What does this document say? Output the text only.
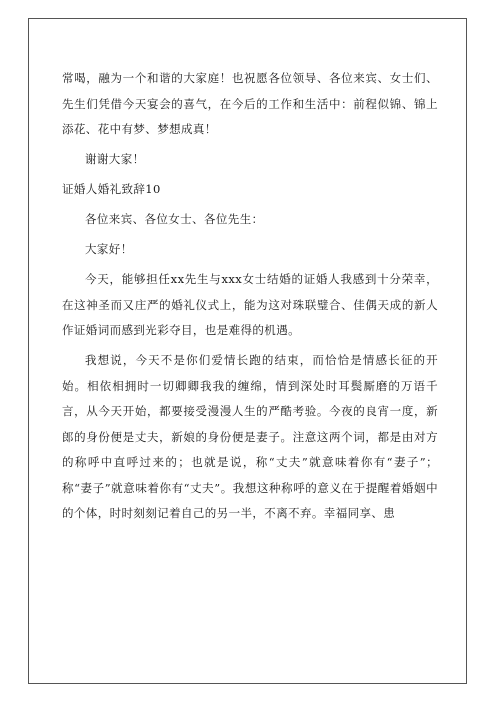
常喝，融为一个和谐的大家庭！也祝愿各位领导、各位来宾、女士们、先生们凭借今天宴会的喜气，在今后的工作和生活中：前程似锦、锦上添花、花中有梦、梦想成真！

谢谢大家！

证婚人婚礼致辞10

各位来宾、各位女士、各位先生：

大家好！

今天，能够担任xx先生与xxx女士结婚的证婚人我感到十分荣幸，在这神圣而又庄严的婚礼仪式上，能为这对珠联璧合、佳偶天成的新人作证婚词而感到光彩夺目，也是难得的机遇。

我想说，今天不是你们爱情长跑的结束，而恰恰是情感长征的开始。相依相拥时一切卿卿我我的缠绵，情到深处时耳鬓厮磨的万语千言，从今天开始，都要接受漫漫人生的严酷考验。今夜的良宵一度，新郎的身份便是丈夫，新娘的身份便是妻子。注意这两个词，都是由对方的称呼中直呼过来的；也就是说，称“丈夫”就意味着你有“妻子”；称“妻子”就意味着你有“丈夫”。我想这种称呼的意义在于提醒着婚姻中的个体，时时刻刻记着自己的另一半，不离不弃。幸福同享、患
